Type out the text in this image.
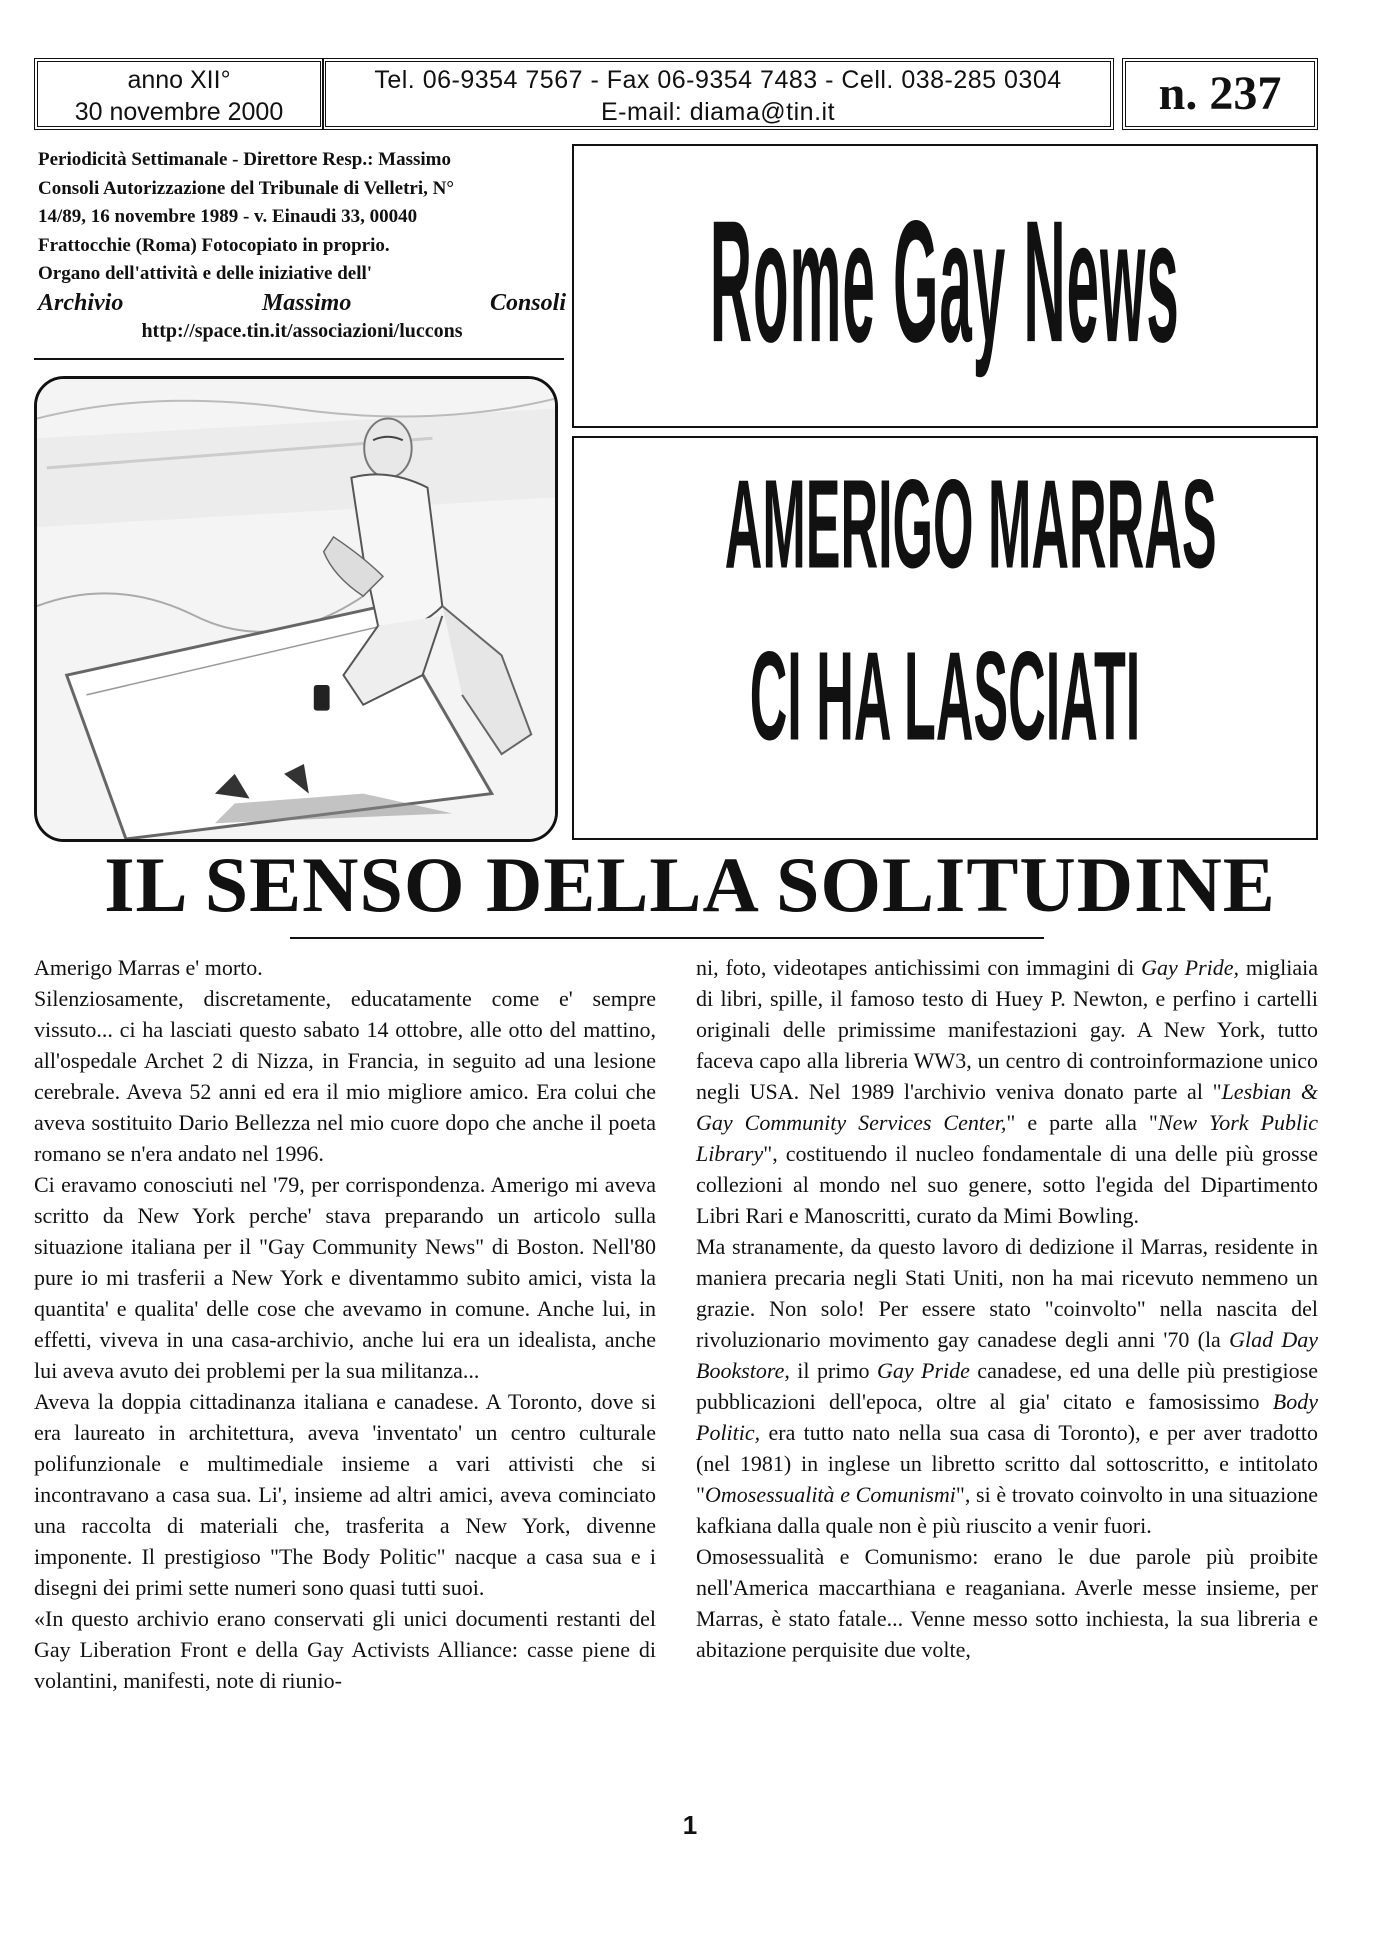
anno XII°
30 novembre 2000
Tel. 06-9354 7567 - Fax 06-9354 7483 - Cell. 038-285 0304
E-mail: diama@tin.it	n. 237
Periodicità Settimanale - Direttore Resp.: Massimo
Consoli Autorizzazione del Tribunale di Velletri, N°
14/89, 16 novembre 1989 - v. Einaudi 33, 00040
Frattocchie (Roma) Fotocopiato in proprio.
Organo dell'attività e delle iniziative dell'
Archivio	Massimo	Consoli
http://space.tin.it/associazioni/luccons	Rome Gay News
AMERIGO MARRAS
CI HA LASCIATI
IL SENSO DELLA SOLITUDINE

Amerigo Marras e' morto.

Silenziosamente, discretamente, educatamente come e' sempre vissuto... ci ha lasciati questo sabato 14 ottobre, alle otto del mattino, all'ospedale Archet 2 di Nizza, in Francia, in seguito ad una lesione cerebrale. Aveva 52 anni ed era il mio migliore amico. Era colui che aveva sostituito Dario Bellezza nel mio cuore dopo che anche il poeta romano se n'era andato nel 1996.

Ci eravamo conosciuti nel '79, per corrispondenza. Amerigo mi aveva scritto da New York perche' stava preparando un articolo sulla situazione italiana per il "Gay Community News" di Boston. Nell'80 pure io mi trasferii a New York e diventammo subito amici, vista la quantita' e qualita' delle cose che avevamo in comune. Anche lui, in effetti, viveva in una casa-archivio, anche lui era un idealista, anche lui aveva avuto dei problemi per la sua militanza...

Aveva la doppia cittadinanza italiana e canadese. A Toronto, dove si era laureato in architettura, aveva 'inventato' un centro culturale polifunzionale e multimediale insieme a vari attivisti che si incontravano a casa sua. Li', insieme ad altri amici, aveva cominciato una raccolta di materiali che, trasferita a New York, divenne imponente. Il prestigioso "The Body Politic" nacque a casa sua e i disegni dei primi sette numeri sono quasi tutti suoi.

«In questo archivio erano conservati gli unici documenti restanti del Gay Liberation Front e della Gay Activists Alliance: casse piene di volantini, manifesti, note di riunio-

ni, foto, videotapes antichissimi con immagini di Gay Pride, migliaia di libri, spille, il famoso testo di Huey P. Newton, e perfino i cartelli originali delle primissime manifestazioni gay. A New York, tutto faceva capo alla libreria WW3, un centro di controinformazione unico negli USA. Nel 1989 l'archivio veniva donato parte al "Lesbian & Gay Community Services Center," e parte alla "New York Public Library", costituendo il nucleo fondamentale di una delle più grosse collezioni al mondo nel suo genere, sotto l'egida del Dipartimento Libri Rari e Manoscritti, curato da Mimi Bowling.

Ma stranamente, da questo lavoro di dedizione il Marras, residente in maniera precaria negli Stati Uniti, non ha mai ricevuto nemmeno un grazie. Non solo! Per essere stato "coinvolto" nella nascita del rivoluzionario movimento gay canadese degli anni '70 (la Glad Day Bookstore, il primo Gay Pride canadese, ed una delle più prestigiose pubblicazioni dell'epoca, oltre al gia' citato e famosissimo Body Politic, era tutto nato nella sua casa di Toronto), e per aver tradotto (nel 1981) in inglese un libretto scritto dal sottoscritto, e intitolato "Omosessualità e Comunismi", si è trovato coinvolto in una situazione kafkiana dalla quale non è più riuscito a venir fuori.

Omosessualità e Comunismo: erano le due parole più proibite nell'America maccarthiana e reaganiana. Averle messe insieme, per Marras, è stato fatale... Venne messo sotto inchiesta, la sua libreria e abitazione perquisite due volte,

1
